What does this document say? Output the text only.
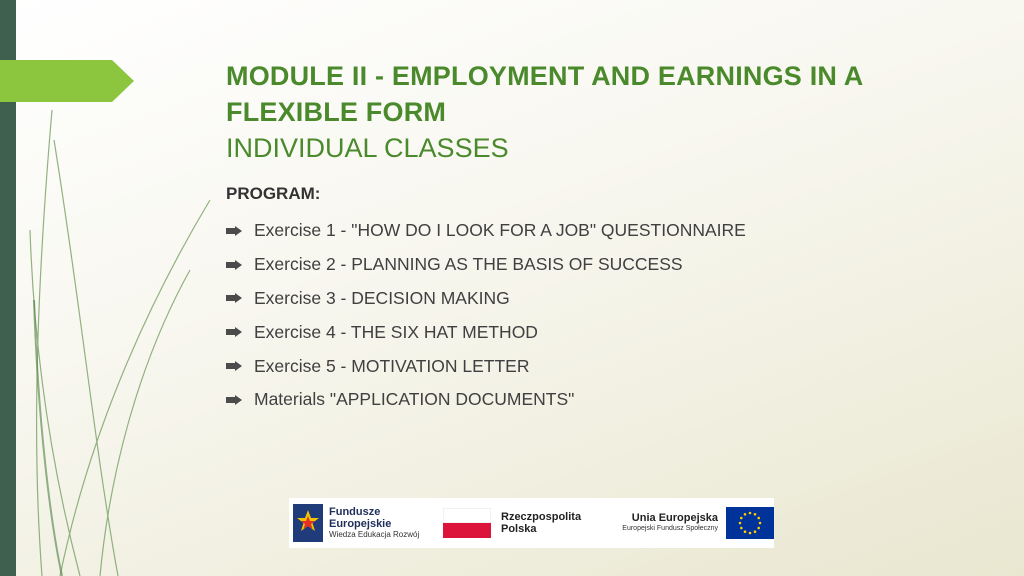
MODULE II - EMPLOYMENT AND EARNINGS IN A FLEXIBLE FORM
INDIVIDUAL CLASSES
PROGRAM:
Exercise 1 - "HOW DO I LOOK FOR A JOB" QUESTIONNAIRE
Exercise 2 - PLANNING AS THE BASIS OF SUCCESS
Exercise 3 - DECISION MAKING
Exercise 4 - THE SIX HAT METHOD
Exercise 5 - MOTIVATION LETTER
Materials "APPLICATION DOCUMENTS"
Fundusze
Europejskie
Wiedza Edukacja Rozwój
Rzeczpospolita
Polska
Unia Europejska
Europejski Fundusz Społeczny
